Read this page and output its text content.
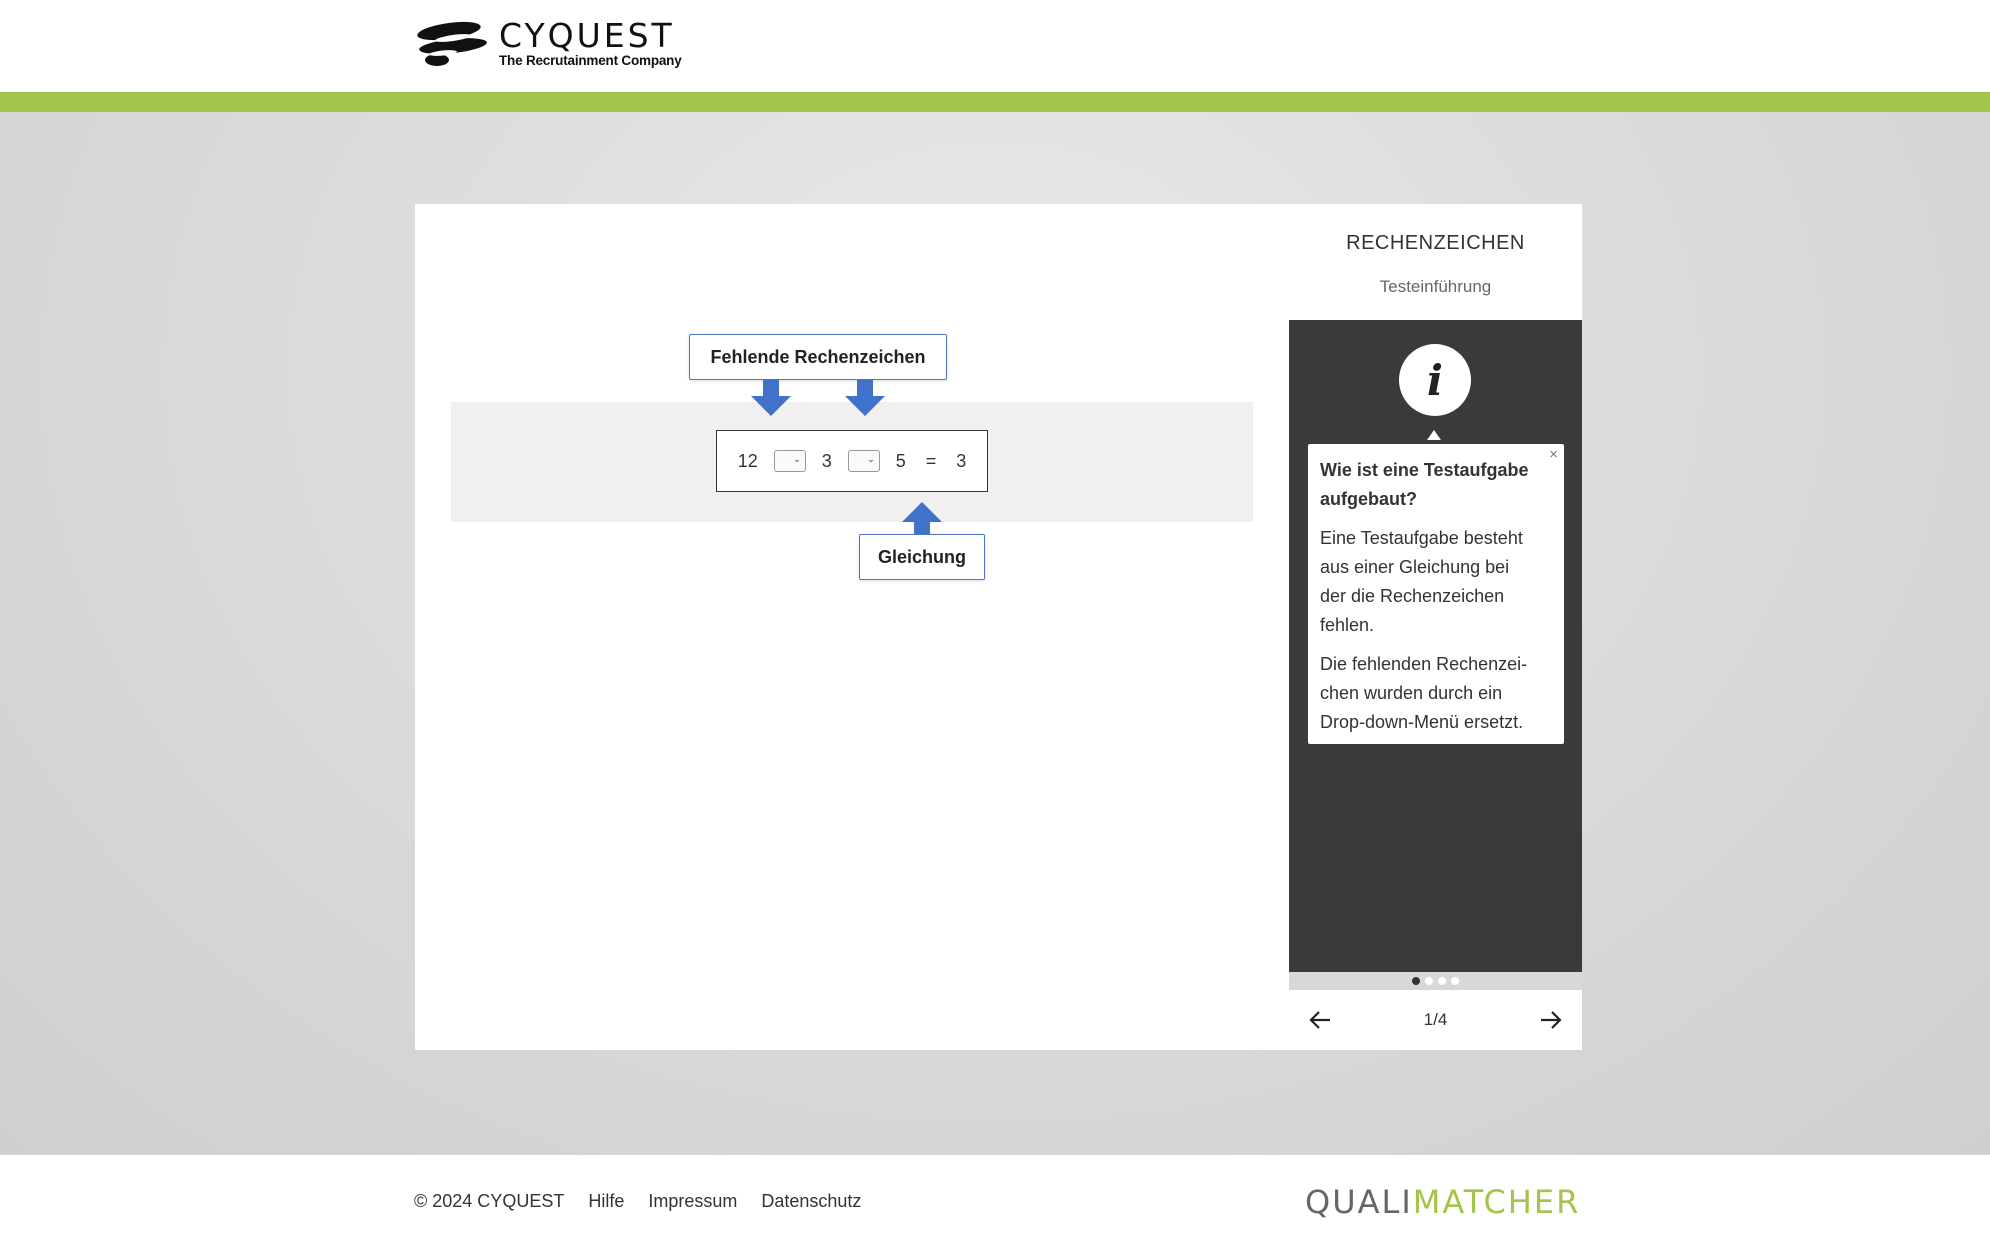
CYQUEST
The Recrutainment Company
Fehlende Rechenzeichen
12	⌄ 3	⌄ 5 = 3
Gleichung
RECHENZEICHEN
Testeinführung
i
×

Wie ist eine Testaufgabe aufgebaut?

Eine Testaufgabe besteht aus einer Gleichung bei der die Rechenzeichen fehlen.

Die fehlenden Rechenzei-chen wurden durch ein Drop-down-Menü ersetzt.

1/4
© 2024 CYQUEST Hilfe Impressum Datenschutz	QUALI MATCHER
